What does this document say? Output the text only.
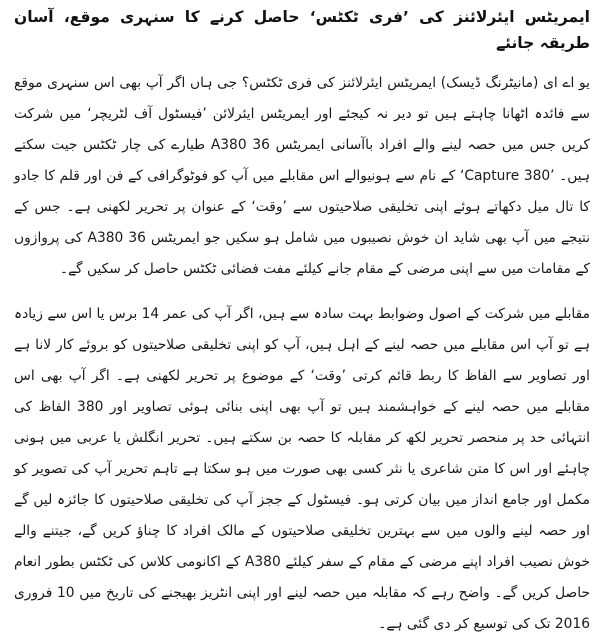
ایمریٹس ایئرلائنز کی ’فری ٹکٹس‘ حاصل کرنے کا سنہری موقع، آسان طریقہ جانئے

یو اے ای (مانیٹرنگ ڈیسک) ایمریٹس ایئرلائنز کی فری ٹکٹس؟ جی ہاں اگر آپ بھی اس سنہری موقع سے فائدہ اٹھانا چاہتے ہیں تو دیر نہ کیجئے اور ایمریٹس ایئرلائن ’فیسٹول آف لٹریچر‘ میں شرکت کریں جس میں حصہ لینے والے افراد باآسانی ایمریٹس A380 36 طیارے کی چار ٹکٹس جیت سکتے ہیں۔ ’Capture 380‘ کے نام سے ہونیوالے اس مقابلے میں آپ کو فوٹوگرافی کے فن اور قلم کا جادو کا تال میل دکھاتے ہوئے اپنی تخلیقی صلاحیتوں سے ’وقت‘ کے عنوان پر تحریر لکھنی ہے۔ جس کے نتیجے میں آپ بھی شاید ان خوش نصیبوں میں شامل ہو سکیں جو ایمریٹس 36 A380 کی پروازوں کے مقامات میں سے اپنی مرضی کے مقام جانے کیلئے مفت فضائی ٹکٹس حاصل کر سکیں گے۔

مقابلے میں شرکت کے اصول وضوابط بہت سادہ سے ہیں، اگر آپ کی عمر 14 برس یا اس سے زیادہ ہے تو آپ اس مقابلے میں حصہ لینے کے اہل ہیں، آپ کو اپنی تخلیقی صلاحیتوں کو بروئے کار لانا ہے اور تصاویر سے الفاظ کا ربط قائم کرتی ’وقت‘ کے موضوع پر تحریر لکھنی ہے۔ اگر آپ بھی اس مقابلے میں حصہ لینے کے خواہشمند ہیں تو آپ بھی اپنی بنائی ہوئی تصاویر اور 380 الفاظ کی انتہائی حد پر منحصر تحریر لکھ کر مقابلہ کا حصہ بن سکتے ہیں۔ تحریر انگلش یا عربی میں ہونی چاہئے اور اس کا متن شاعری یا نثر کسی بھی صورت میں ہو سکتا ہے تاہم تحریر آپ کی تصویر کو مکمل اور جامع انداز میں بیان کرتی ہو۔ فیسٹول کے ججز آپ کی تخلیقی صلاحیتوں کا جائزہ لیں گے اور حصہ لینے والوں میں سے بہترین تخلیقی صلاحیتوں کے مالک افراد کا چناؤ کریں گے، جیتنے والے خوش نصیب افراد اپنے مرضی کے مقام کے سفر کیلئے A380 کے اکانومی کلاس کی ٹکٹس بطور انعام حاصل کریں گے۔ واضح رہے کہ مقابلہ میں حصہ لینے اور اپنی انٹریز بھیجنے کی تاریخ میں 10 فروری 2016 تک کی توسیع کر دی گئی ہے۔
